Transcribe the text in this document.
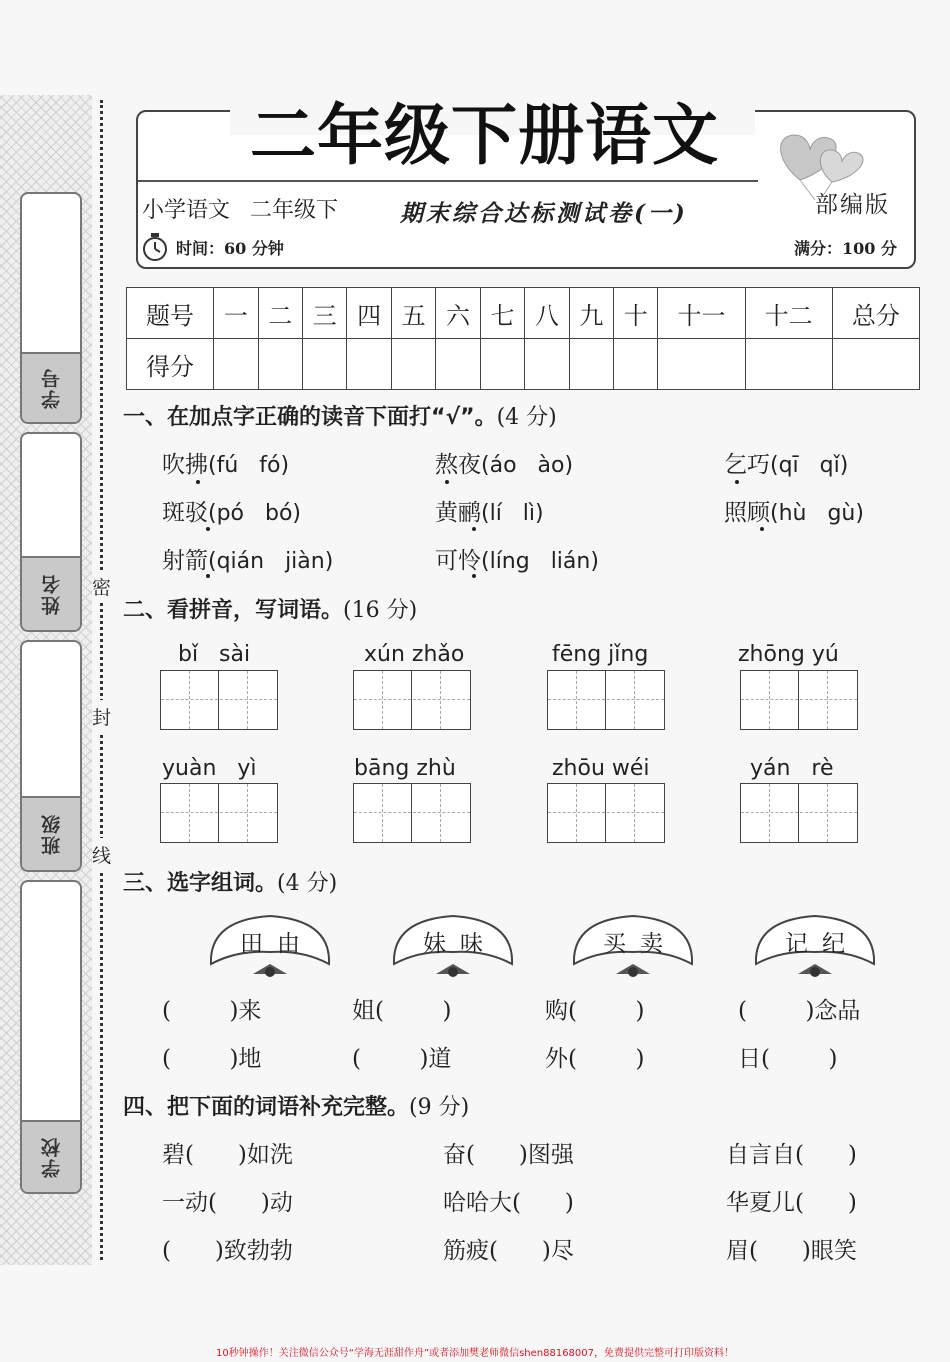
学号
姓名
班级
学校
密
封
线
二年级下册语文
小学语文 二年级下	期末综合达标测试卷(一)	部编版
时间：60 分钟	满分：100 分
题号	一	二	三	四	五	六	七	八	九	十	十一	十二	总分
得分													
一、在加点字正确的读音下面打“√”。(4 分)
吹拂(fú   fó)	熬夜(áo   ào)	乞巧(qī   qǐ)
斑驳(pó   bó)	黄鹂(lí   lì)	照顾(hù   gù)
射箭(qián   jiàn)	可怜(líng   lián)
二、看拼音，写词语。(16 分)
bǐ   sài	xún zhǎo	fēng jǐng	zhōng yú
yuàn   yì	bāng zhù	zhōu wéi	yán   rè
三、选字组词。(4 分)
田由	妹味	买卖	记纪
(        )来	姐(        )	购(        )	(        )念品
(        )地	(        )道	外(        )	日(        )
四、把下面的词语补充完整。(9 分)
碧(      )如洗	奋(      )图强	自言自(      )
一动(      )动	哈哈大(      )	华夏儿(      )
(      )致勃勃	筋疲(      )尽	眉(      )眼笑
10秒钟操作！关注微信公众号“学海无涯甜作舟”或者添加樊老师微信shen88168007，免费提供完整可打印版资料！
